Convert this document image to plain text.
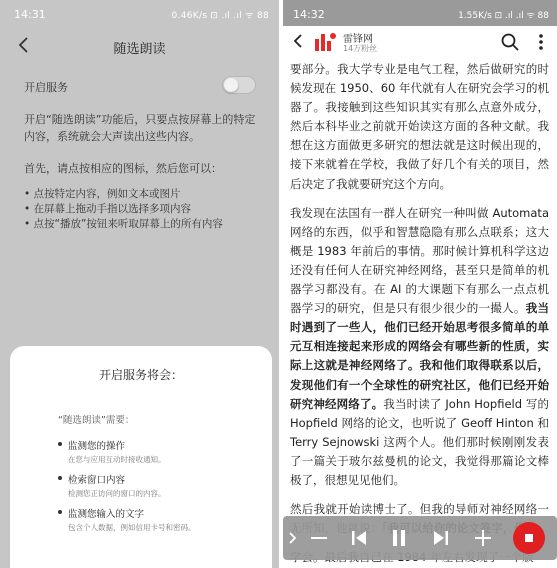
14:31	0.46K/s ⊡ .ıl .ıl ᯤ 88
随选朗读
开启服务
开启“随选朗读”功能后，只要点按屏幕上的特定内容，系统就会大声读出这些内容。
首先，请点按相应的图标，然后您可以：
• 点按特定内容，例如文本或图片
• 在屏幕上拖动手指以选择多项内容
• 点按“播放”按钮来听取屏幕上的所有内容
开启服务将会：
“随选朗读”需要：
监测您的操作
在您与应用互动时接收通知。
检索窗口内容
检测您正访问的窗口的内容。
监测您输入的文字
包含个人数据，例如信用卡号和密码。
14:32	1.55K/s ⊡ .ıl .ıl ᯤ 88
雷锋网
14万粉丝

要部分。我大学专业是电气工程，然后做研究的时候发现在 1950、60 年代就有人在研究会学习的机器了。我接触到这些知识其实有那么点意外成分，然后本科毕业之前就开始读这方面的各种文献。我想在这方面做更多研究的想法就是这时候出现的，接下来就着在学校，我做了好几个有关的项目，然后决定了我就要研究这个方向。

我发现在法国有一群人在研究一种叫做 Automata 网络的东西，似乎和智慧隐隐有那么点联系；这大概是 1983 年前后的事情。那时候计算机科学这边还没有任何人在研究神经网络，甚至只是简单的机器学习都没有。在 AI 的大课题下有那么一点点机器学习的研究，但是只有很少很少的一撮人。我当时遇到了一些人，他们已经开始思考很多简单的单元互相连接起来形成的网络会有哪些新的性质，实际上这就是神经网络了。我和他们取得联系以后，发现他们有一个全球性的研究社区，他们已经开始研究神经网络了。我当时读了 John Hopfield 写的 Hopfield 网络的论文，也听说了 Geoff Hinton 和 Terry Sejnowski 这两个人。他们那时候刚刚发表了一篇关于玻尔兹曼机的论文，我觉得那篇论文棒极了，很想见见他们。

然后我就开始读博士了。但我的导师对神经网络一
